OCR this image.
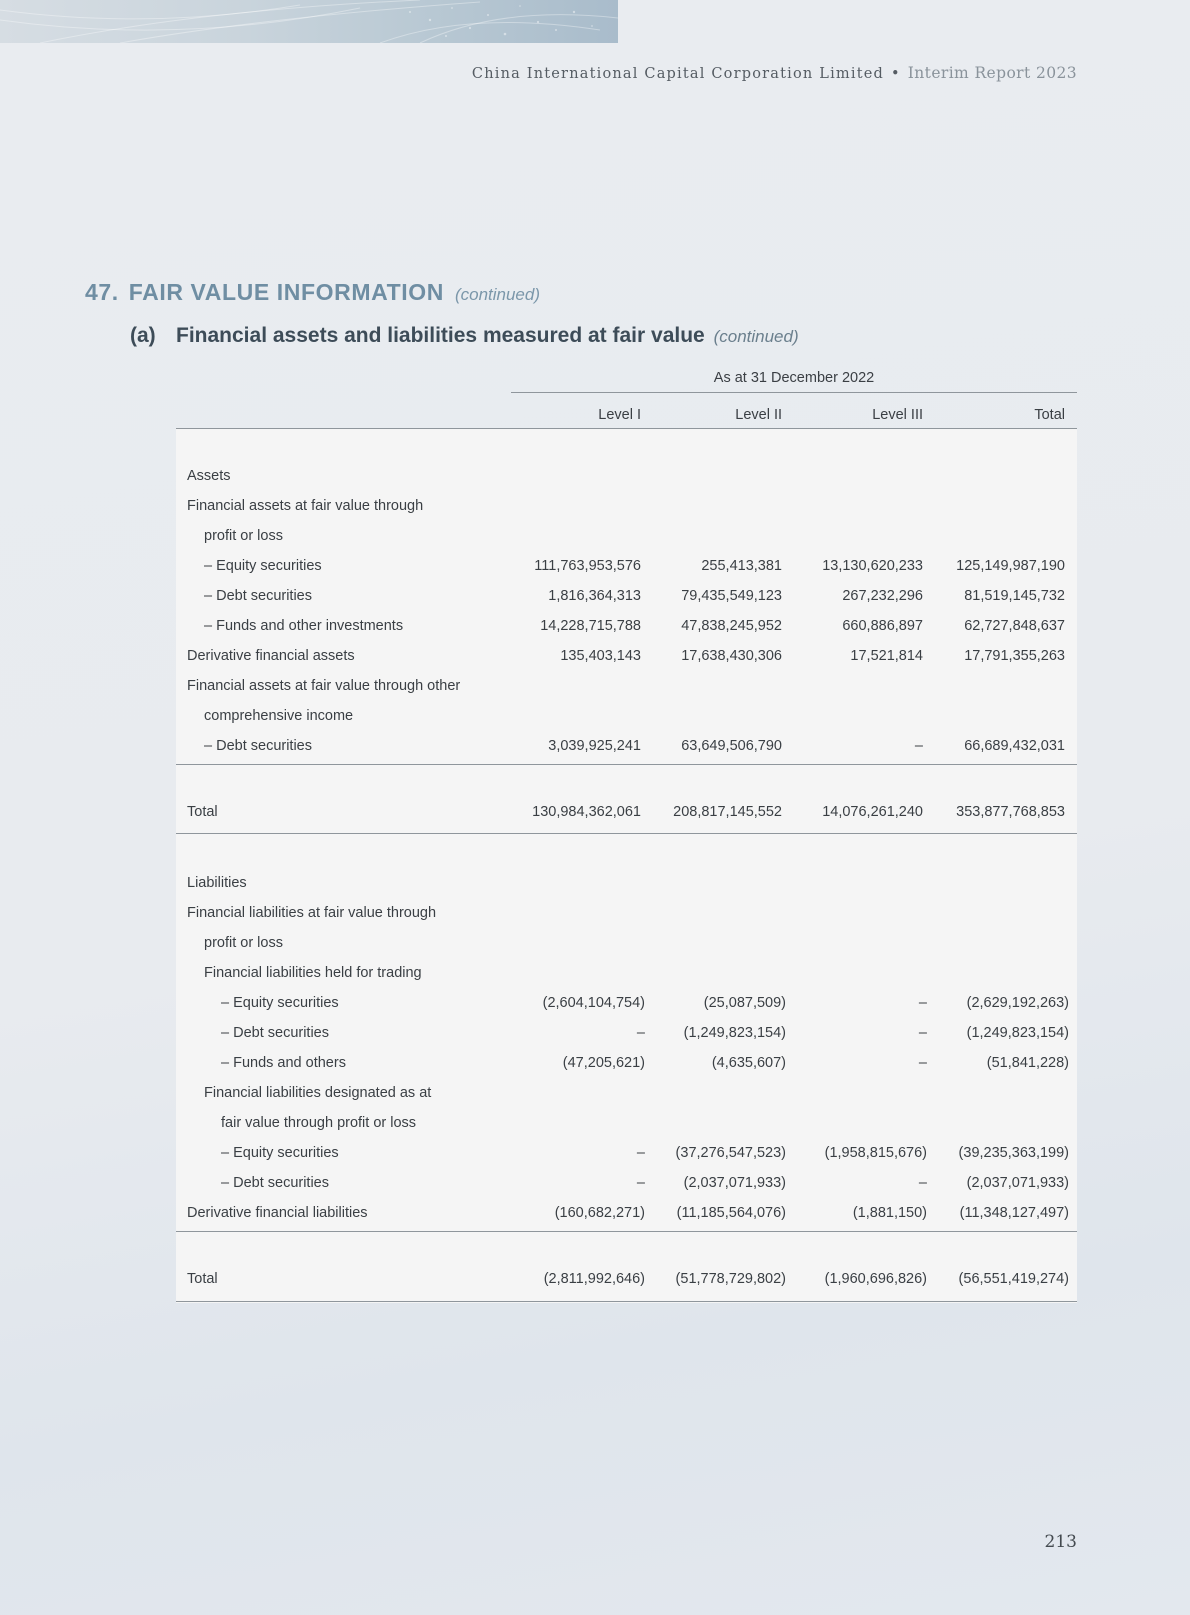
China International Capital Corporation Limited • Interim Report 2023
47. FAIR VALUE INFORMATION (continued)
(a) Financial assets and liabilities measured at fair value (continued)
As at 31 December 2022
Level I	Level II	Level III	Total
Assets
Financial assets at fair value through
profit or loss
– Equity securities	111,763,953,576	255,413,381	13,130,620,233	125,149,987,190
– Debt securities	1,816,364,313	79,435,549,123	267,232,296	81,519,145,732
– Funds and other investments	14,228,715,788	47,838,245,952	660,886,897	62,727,848,637
Derivative financial assets	135,403,143	17,638,430,306	17,521,814	17,791,355,263
Financial assets at fair value through other
comprehensive income
– Debt securities	3,039,925,241	63,649,506,790	–	66,689,432,031
Total	130,984,362,061	208,817,145,552	14,076,261,240	353,877,768,853
Liabilities
Financial liabilities at fair value through
profit or loss
Financial liabilities held for trading
– Equity securities	(2,604,104,754)	(25,087,509)	–	(2,629,192,263)
– Debt securities	–	(1,249,823,154)	–	(1,249,823,154)
– Funds and others	(47,205,621)	(4,635,607)	–	(51,841,228)
Financial liabilities designated as at
fair value through profit or loss
– Equity securities	–	(37,276,547,523)	(1,958,815,676)	(39,235,363,199)
– Debt securities	–	(2,037,071,933)	–	(2,037,071,933)
Derivative financial liabilities	(160,682,271)	(11,185,564,076)	(1,881,150)	(11,348,127,497)
Total	(2,811,992,646)	(51,778,729,802)	(1,960,696,826)	(56,551,419,274)
213
